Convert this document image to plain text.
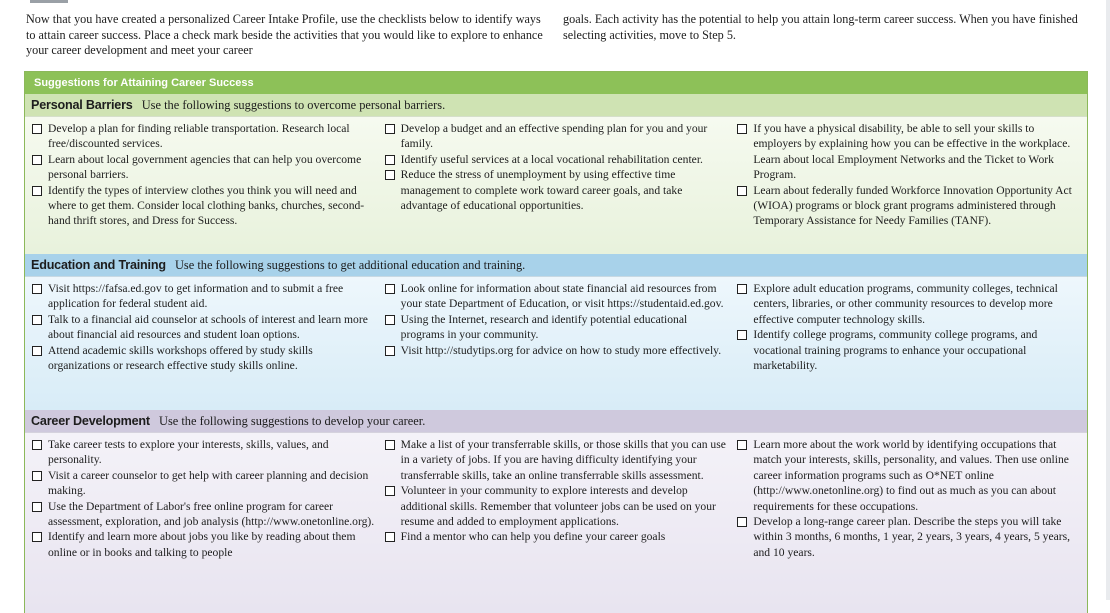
Now that you have created a personalized Career Intake Profile, use the checklists below to identify ways to attain career success. Place a check mark beside the activities that you would like to explore to enhance your career development and meet your career
goals. Each activity has the potential to help you attain long-term career success. When you have finished selecting activities, move to Step 5.
Suggestions for Attaining Career Success
Personal Barriers Use the following suggestions to overcome personal barriers.
Develop a plan for finding reliable transportation. Research local free/discounted services.
Learn about local government agencies that can help you overcome personal barriers.
Identify the types of interview clothes you think you will need and where to get them. Consider local clothing banks, churches, second-hand thrift stores, and Dress for Success.
Develop a budget and an effective spending plan for you and your family.
Identify useful services at a local vocational rehabilitation center.
Reduce the stress of unemployment by using effective time management to complete work toward career goals, and take advantage of educational opportunities.
If you have a physical disability, be able to sell your skills to employers by explaining how you can be effective in the workplace. Learn about local Employment Networks and the Ticket to Work Program.
Learn about federally funded Workforce Innovation Opportunity Act (WIOA) programs or block grant programs administered through Temporary Assistance for Needy Families (TANF).
Education and Training Use the following suggestions to get additional education and training.
Visit https://fafsa.ed.gov to get information and to submit a free application for federal student aid.
Talk to a financial aid counselor at schools of interest and learn more about financial aid resources and student loan options.
Attend academic skills workshops offered by study skills organizations or research effective study skills online.
Look online for information about state financial aid resources from your state Department of Education, or visit https://studentaid.ed.gov.
Using the Internet, research and identify potential educational programs in your community.
Visit http://studytips.org for advice on how to study more effectively.
Explore adult education programs, community colleges, technical centers, libraries, or other community resources to develop more effective computer technology skills.
Identify college programs, community college programs, and vocational training programs to enhance your occupational marketability.
Career Development Use the following suggestions to develop your career.
Take career tests to explore your interests, skills, values, and personality.
Visit a career counselor to get help with career planning and decision making.
Use the Department of Labor's free online program for career assessment, exploration, and job analysis (http://www.onetonline.org).
Identify and learn more about jobs you like by reading about them online or in books and talking to people
Make a list of your transferrable skills, or those skills that you can use in a variety of jobs. If you are having difficulty identifying your transferrable skills, take an online transferrable skills assessment.
Volunteer in your community to explore interests and develop additional skills. Remember that volunteer jobs can be used on your resume and added to employment applications.
Find a mentor who can help you define your career goals
Learn more about the work world by identifying occupations that match your interests, skills, personality, and values. Then use online career information programs such as O*NET online (http://www.onetonline.org) to find out as much as you can about requirements for these occupations.
Develop a long-range career plan. Describe the steps you will take within 3 months, 6 months, 1 year, 2 years, 3 years, 4 years, 5 years, and 10 years.
